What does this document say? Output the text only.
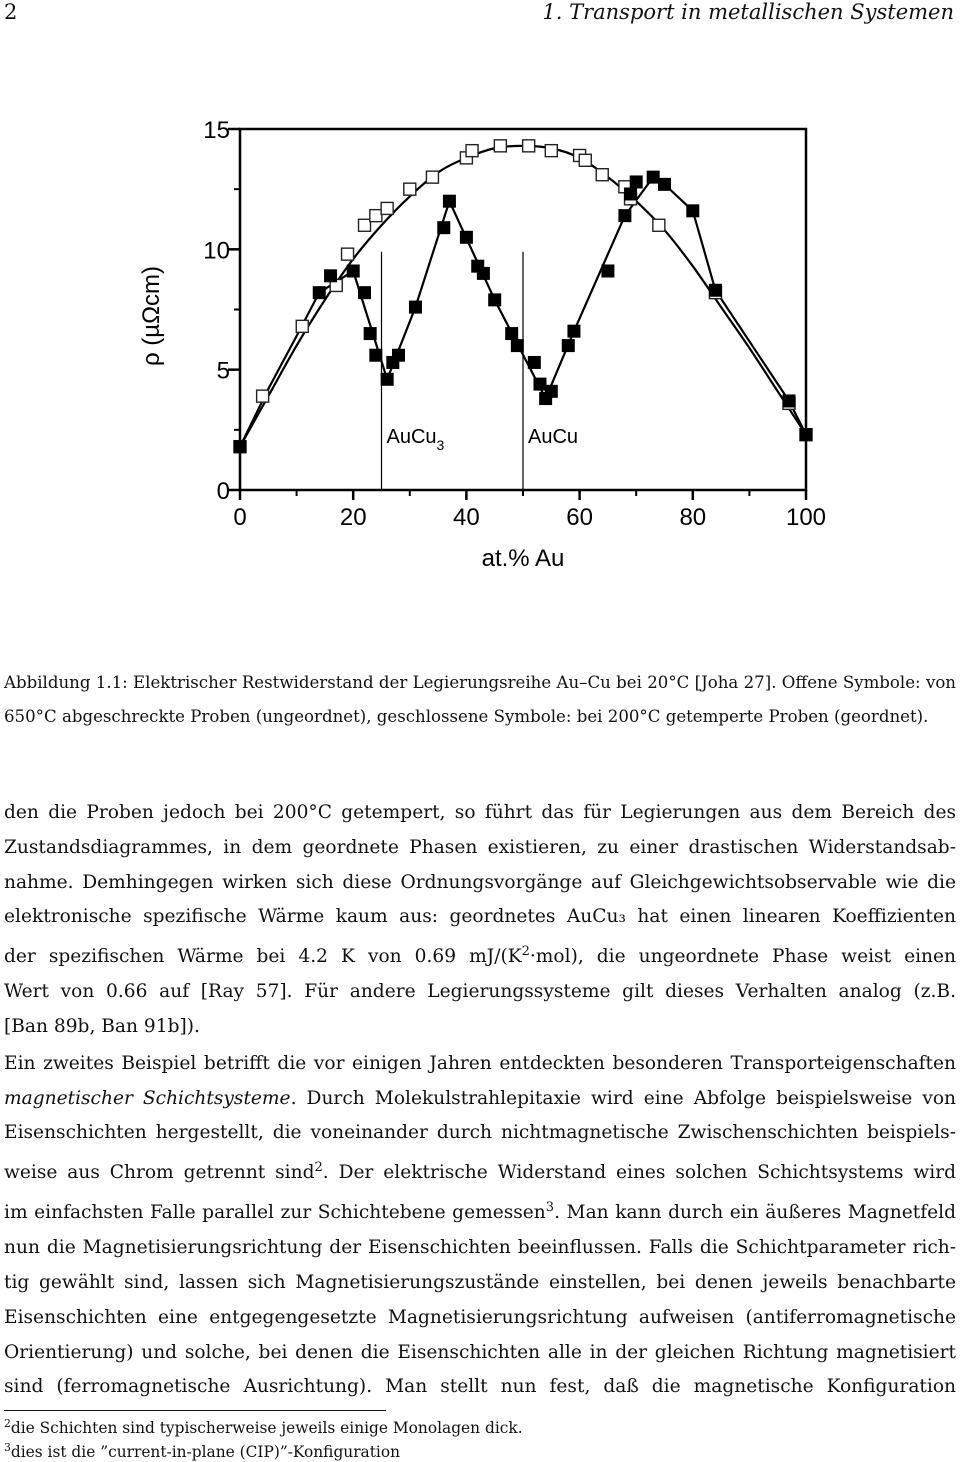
2	1. Transport in metallischen Systemen
0
5
10
15
0	20	40	60	80	100
AuCu$_3$	AuCu
ρ (µΩcm)
at.% Au
Abbildung 1.1: Elektrischer Restwiderstand der Legierungsreihe Au–Cu bei 20°C [Joha 27]. Offene Symbole: von
650°C abgeschreckte Proben (ungeordnet), geschlossene Symbole: bei 200°C getemperte Proben (geordnet).

den die Proben jedoch bei 200°C getempert, so führt das für Legierungen aus dem Bereich des
Zustandsdiagrammes, in dem geordnete Phasen existieren, zu einer drastischen Widerstandsab-
nahme. Demhingegen wirken sich diese Ordnungsvorgänge auf Gleichgewichtsobservable wie die
elektronische spezifische Wärme kaum aus: geordnetes AuCu₃ hat einen linearen Koeffizienten
der spezifischen Wärme bei 4.2 K von 0.69 $mJ/(K^2\cdot mol)$, die ungeordnete Phase weist einen
Wert von 0.66 auf [Ray 57]. Für andere Legierungssysteme gilt dieses Verhalten analog (z.B.
[Ban 89b, Ban 91b]).

Ein zweites Beispiel betrifft die vor einigen Jahren entdeckten besonderen Transporteigenschaften
magnetischer Schichtsysteme. Durch Molekulstrahlepitaxie wird eine Abfolge beispielsweise von
Eisenschichten hergestellt, die voneinander durch nichtmagnetische Zwischenschichten beispiels-
weise aus Chrom getrennt sind$^2$. Der elektrische Widerstand eines solchen Schichtsystems wird
im einfachsten Falle parallel zur Schichtebene gemessen$^3$. Man kann durch ein äußeres Magnetfeld
nun die Magnetisierungsrichtung der Eisenschichten beeinflussen. Falls die Schichtparameter rich-
tig gewählt sind, lassen sich Magnetisierungszustände einstellen, bei denen jeweils benachbarte
Eisenschichten eine entgegengesetzte Magnetisierungsrichtung aufweisen (antiferromagnetische
Orientierung) und solche, bei denen die Eisenschichten alle in der gleichen Richtung magnetisiert
sind (ferromagnetische Ausrichtung). Man stellt nun fest, daß die magnetische Konfiguration

$^2$die Schichten sind typischerweise jeweils einige Monolagen dick.
$^3$dies ist die ”current-in-plane (CIP)”-Konfiguration
